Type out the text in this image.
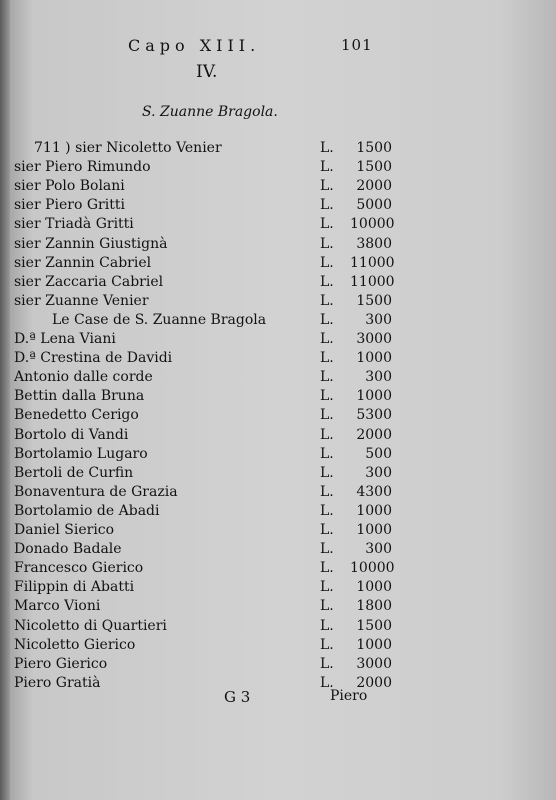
Capo XIII.	101
IV.
S. Zuanne Bragola.
711 ) sier Nicoletto Venier	L.	1500
sier Piero Rimundo	L.	1500
sier Polo Bolani	L.	2000
sier Piero Gritti	L.	5000
sier Triadà Gritti	L. 10000
sier Zannin Giustignà	L.	3800
sier Zannin Cabriel	L. 11000
sier Zaccaria Cabriel	L. 11000
sier Zuanne Venier	L.	1500
Le Case de S. Zuanne Bragola	L.	300
D.ª Lena Viani	L.	3000
D.ª Crestina de Davidi	L.	1000
Antonio dalle corde	L.	300
Bettin dalla Bruna	L.	1000
Benedetto Cerigo	L.	5300
Bortolo di Vandi	L.	2000
Bortolamio Lugaro	L.	500
Bertoli de Curfin	L.	300
Bonaventura de Grazia	L.	4300
Bortolamio de Abadi	L.	1000
Daniel Sierico	L.	1000
Donado Badale	L.	300
Francesco Gierico	L. 10000
Filippin di Abatti	L.	1000
Marco Vioni	L.	1800
Nicoletto di Quartieri	L.	1500
Nicoletto Gierico	L.	1000
Piero Gierico	L.	3000
Piero Gratià	L.	2000
G 3	Piero
